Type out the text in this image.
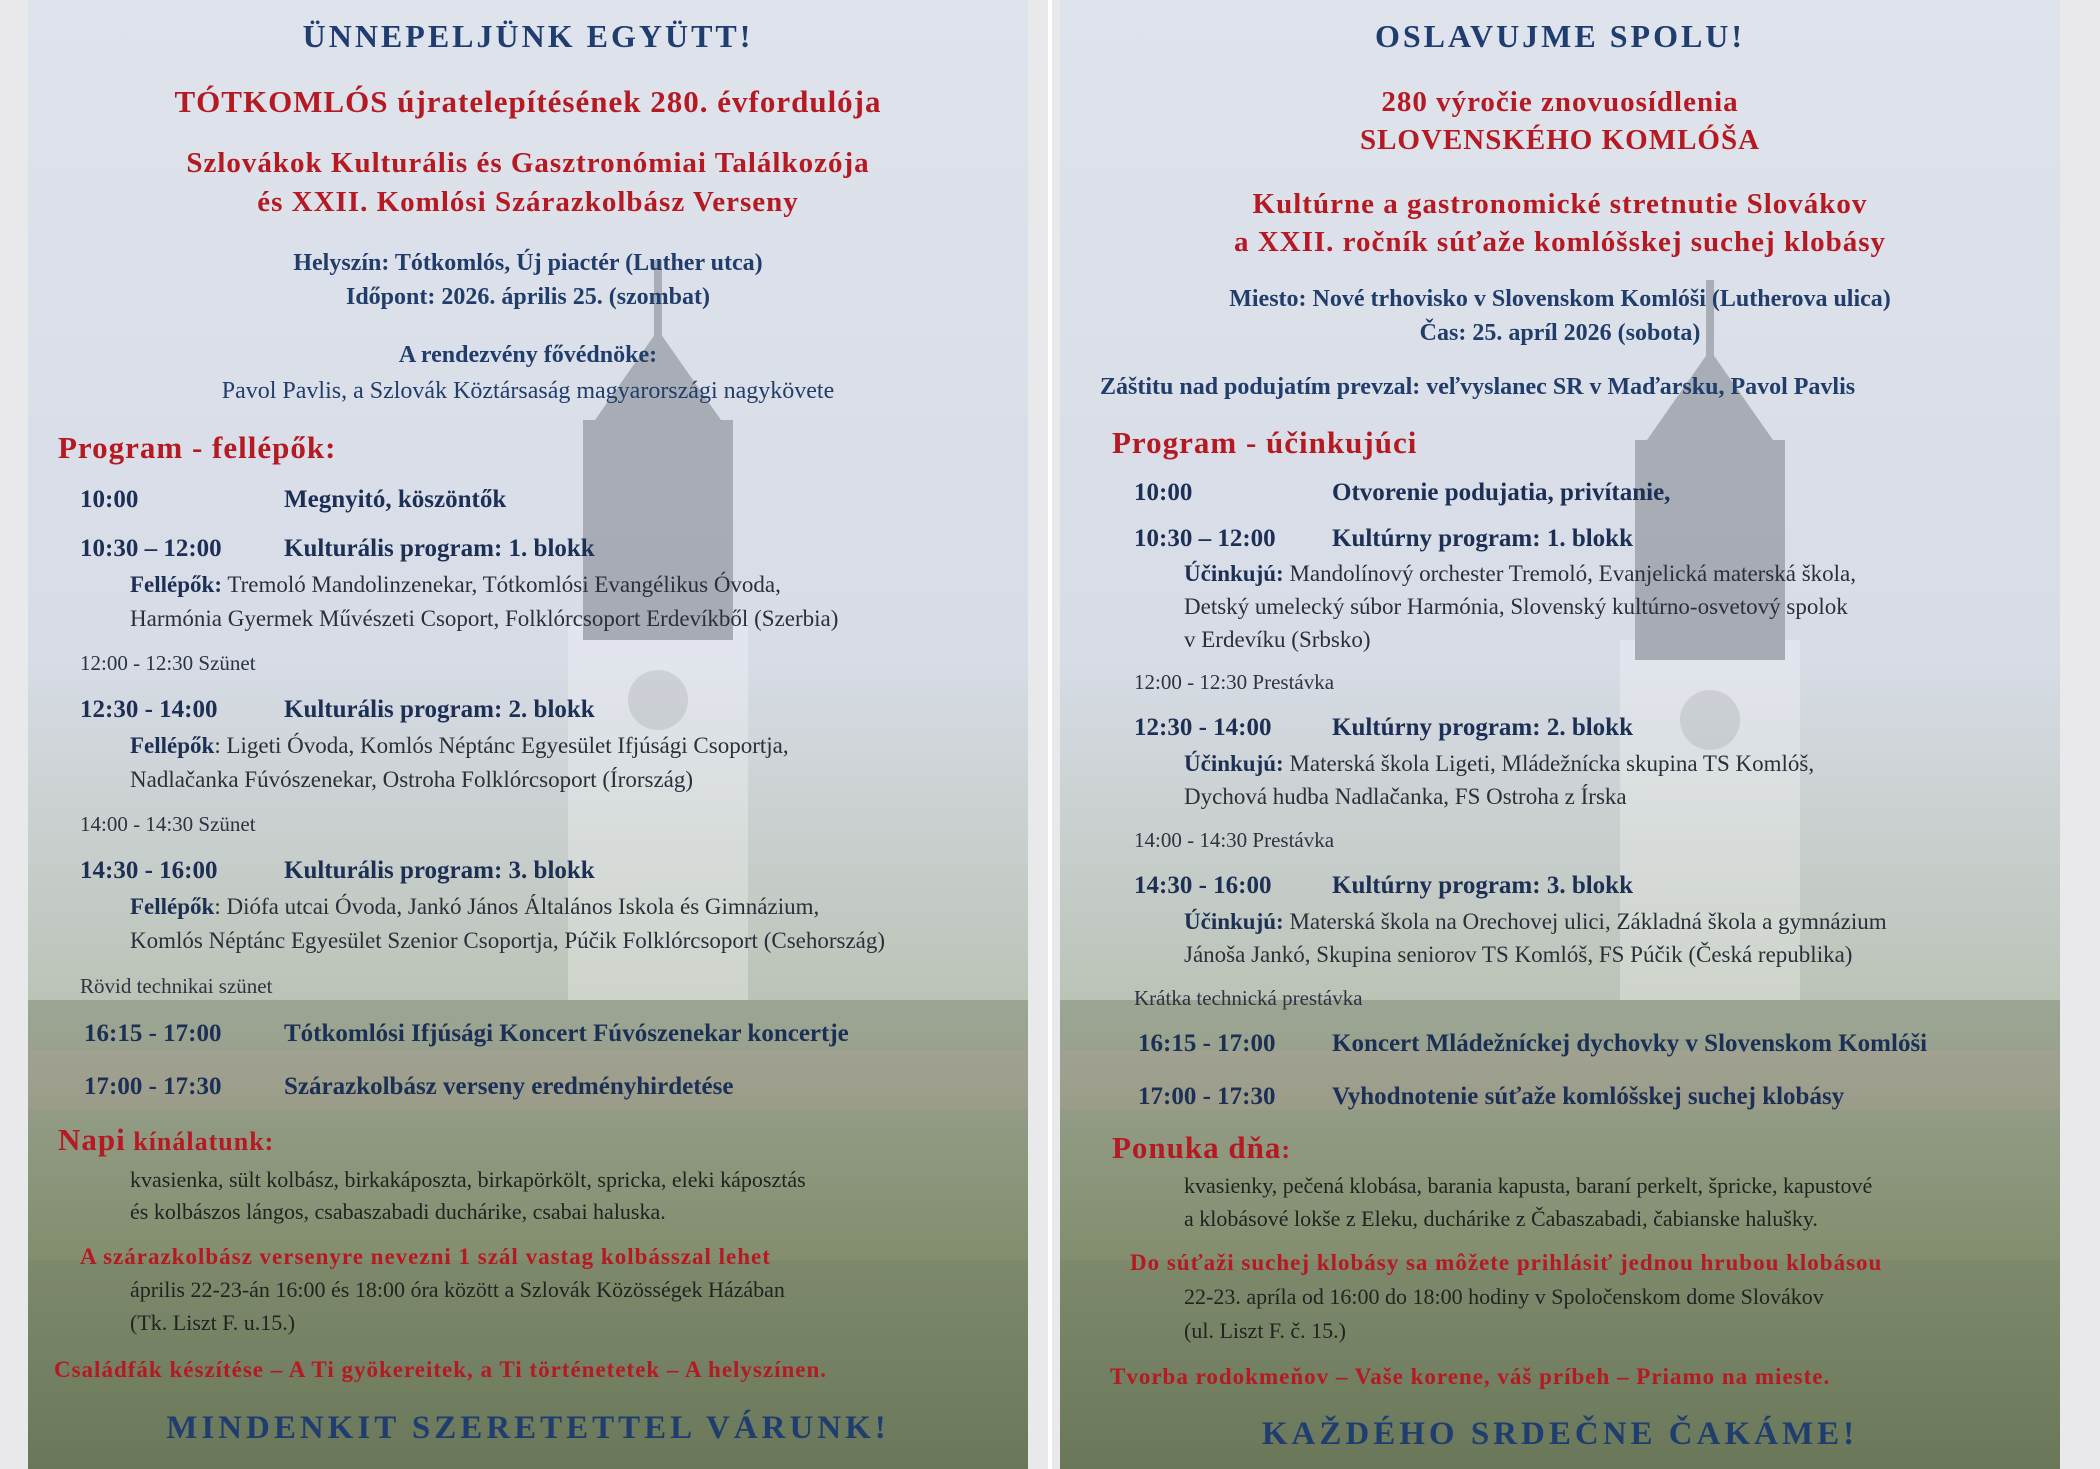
ÜNNEPELJÜNK EGYÜTT!
TÓTKOMLÓS újratelepítésének 280. évfordulója
Szlovákok Kulturális és Gasztronómiai Találkozója
és XXII. Komlósi Szárazkolbász Verseny
Helyszín: Tótkomlós, Új piactér (Luther utca)
Időpont: 2026. április 25. (szombat)
A rendezvény fővédnöke:
Pavol Pavlis, a Szlovák Köztársaság magyarországi nagykövete
Program - fellépők:
10:00	Megnyitó, köszöntők
10:30 – 12:00 Kulturális program: 1. blokk
Fellépők: Tremoló Mandolinzenekar, Tótkomlósi Evangélikus Óvoda,
Harmónia Gyermek Művészeti Csoport, Folklórcsoport Erdevíkből (Szerbia)
12:00 - 12:30 Szünet
12:30 - 14:00	Kulturális program: 2. blokk
Fellépők: Ligeti Óvoda, Komlós Néptánc Egyesület Ifjúsági Csoportja,
Nadlačanka Fúvószenekar, Ostroha Folklórcsoport (Írország)
14:00 - 14:30 Szünet
14:30 - 16:00	Kulturális program: 3. blokk
Fellépők: Diófa utcai Óvoda, Jankó János Általános Iskola és Gimnázium,
Komlós Néptánc Egyesület Szenior Csoportja, Púčik Folklórcsoport (Csehország)
Rövid technikai szünet
16:15 - 17:00	Tótkomlósi Ifjúsági Koncert Fúvószenekar koncertje
17:00 - 17:30	Szárazkolbász verseny eredményhirdetése
Napi kínálatunk:
kvasienka, sült kolbász, birkakáposzta, birkapörkölt, spricka, eleki káposztás
és kolbászos lángos, csabaszabadi duchárike, csabai haluska.
A szárazkolbász versenyre nevezni 1 szál vastag kolbásszal lehet
április 22-23-án 16:00 és 18:00 óra között a Szlovák Közösségek Házában
(Tk. Liszt F. u.15.)
Családfák készítése – A Ti gyökereitek, a Ti történetetek – A helyszínen.
MINDENKIT SZERETETTEL VÁRUNK!
OSLAVUJME SPOLU!
280 výročie znovuosídlenia
SLOVENSKÉHO KOMLÓŠA
Kultúrne a gastronomické stretnutie Slovákov
a XXII. ročník súťaže komlóšskej suchej klobásy
Miesto: Nové trhovisko v Slovenskom Komlóši (Lutherova ulica)
Čas: 25. apríl 2026 (sobota)
Záštitu nad podujatím prevzal: veľvyslanec SR v Maďarsku, Pavol Pavlis
Program - účinkujúci
10:00	Otvorenie podujatia, privítanie,
10:30 – 12:00 Kultúrny program: 1. blokk
Účinkujú: Mandolínový orchester Tremoló, Evanjelická materská škola,
Detský umelecký súbor Harmónia, Slovenský kultúrno-osvetový spolok
v Erdevíku (Srbsko)
12:00 - 12:30 Prestávka
12:30 - 14:00 Kultúrny program: 2. blokk
Účinkujú: Materská škola Ligeti, Mládežnícka skupina TS Komlóš,
Dychová hudba Nadlačanka, FS Ostroha z Írska
14:00 - 14:30 Prestávka
14:30 - 16:00 Kultúrny program: 3. blokk
Účinkujú: Materská škola na Orechovej ulici, Základná škola a gymnázium
Jánoša Jankó, Skupina seniorov TS Komlóš, FS Púčik (Česká republika)
Krátka technická prestávka
16:15 - 17:00 Koncert Mládežníckej dychovky v Slovenskom Komlóši
17:00 - 17:30 Vyhodnotenie súťaže komlóšskej suchej klobásy
Ponuka dňa:
kvasienky, pečená klobása, barania kapusta, baraní perkelt, špricke, kapustové
a klobásové lokše z Eleku, duchárike z Čabaszabadi, čabianske halušky.
Do súťaži suchej klobásy sa môžete prihlásiť jednou hrubou klobásou
22-23. apríla od 16:00 do 18:00 hodiny v Spoločenskom dome Slovákov
(ul. Liszt F. č. 15.)
Tvorba rodokmeňov – Vaše korene, váš príbeh – Priamo na mieste.
KAŽDÉHO SRDEČNE ČAKÁME!
